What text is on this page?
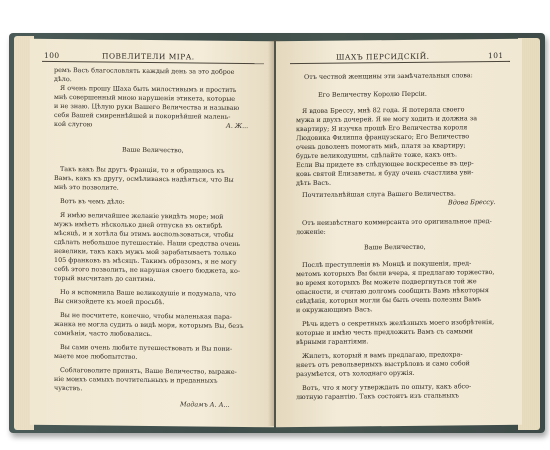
100	ПОВЕЛИТЕЛИ МІРА.
ремъ Васъ благословлять каждый день за это доброе
дѣло.
Я очень прошу Шаха быть милостивымъ и простить
мнѣ совершенный мною нарушенія этикета, которые
и не знаю. Цѣлую руки Вашего Величества и называю
себя Вашей смиреннѣйшей и покорнѣйшей малень-
кой слугою	А. Ж...
Ваше Величество,
Такъ какъ Вы другъ Франціи, то я обращаюсь къ
Вамъ, какъ къ другу, осмѣливаясь надѣяться, что Вы
мнѣ это позволите.
Вотъ въ чемъ дѣло:
Я имѣю величайшее желаніе увидѣть море; мой
мужъ имѣетъ нѣсколько дней отпуска въ октябрѣ
мѣсяцѣ, и я хотѣла бы этимъ воспользоваться, чтобы
сдѣлать небольшое путешествіе. Наши средства очень
невелики, такъ какъ мужъ мой зарабатываетъ только
105 франковъ въ мѣсяцъ. Такимъ образомъ, я не могу
себѣ этого позволить, не нарушая своего бюджета, ко-
торый высчитанъ до сантима.
Но я вспомнила Ваше великодушіе и подумала, что
Вы снизойдете къ моей просьбѣ.
Вы не посчитете, конечно, чтобы маленькая пара-
жанка не могла судить о видѣ моря, которымъ Вы, безъ
сомнѣнія, часто любовались.
Вы сами очень любите путешествовать и Вы пони-
маете мое любопытство.
Соблаговолите принять, Ваше Величество, выраже-
ніе моихъ самыхъ почтительныхъ и преданныхъ
чувствъ.
Мадамъ А. А...
ШАХЪ ПЕРСИДСКІЙ.	101
Отъ честной женщины эти замѣчательныя слова:
Его Величеству Королю Персіи.
Я вдова Бресcу, мнѣ 82 года. Я потеряла своего
мужа и двухъ дочерей. Я не могу ходить и должна за
квартиру; Я изучка прошѣ Его Величества короля
Людовика Филиппа французскаго; Его Величество
очень доволенъ помогать мнѣ, платя за квартиру;
будьте великодушны, сдѣлайте тоже, какъ онъ.
Если Вы придете въ слѣдующее воскресенье въ цер-
ковь святой Елизаветы, я буду очень счастлива уви-
дѣть Васъ.
Почтительнѣйшая слуга Вашего Величества.
Вдова Брессу.
Отъ неизвѣстнаго коммерсанта это оригинальное пред-
ложеніе:
Ваше Величество,
Послѣ преступленія въ Монцѣ и покушенія, пред-
метомъ которыхъ Вы были вчера, я предлагаю торжество,
во время которыхъ Вы можете подвергнуться той же
опасности, и считаю долгомъ сообщить Вамъ нѣкоторыя
свѣдѣнія, которыя могли бы быть очень полезны Вамъ
и окружающимъ Васъ.
Рѣчь идетъ о секретныхъ желѣзныхъ моего изобрѣтенія,
которые и имѣю честь предложить Вамъ съ самыми
вѣрными гарантіями.
Жилетъ, который я вамъ предлагаю, предохра-
няетъ отъ револьверныхъ выстрѣловъ и само собой
разумѣется, отъ холоднаго оружія.
Вотъ, что я могу утверждать по опыту, какъ абсо-
лютную гарантію. Такъ состоитъ изъ стальныхъ
